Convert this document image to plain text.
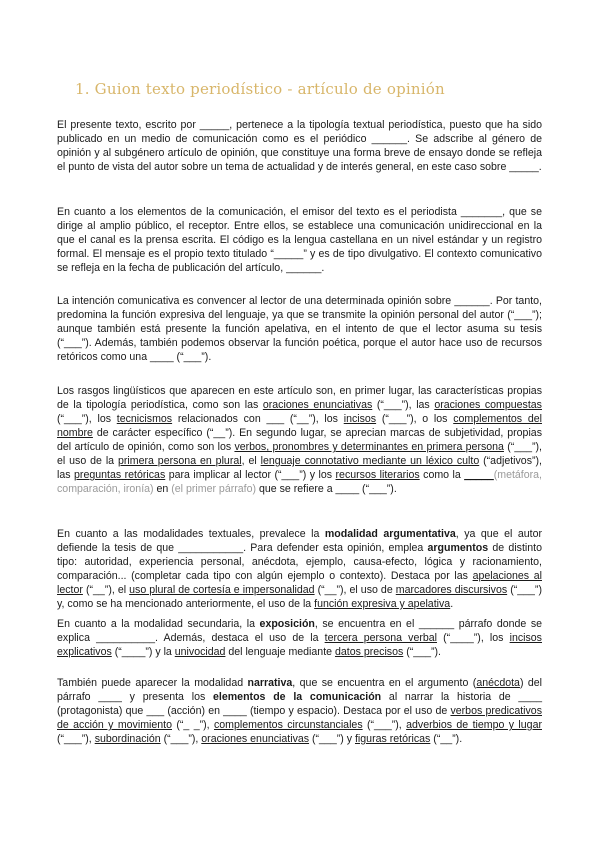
1. Guion texto periodístico - artículo de opinión

El presente texto, escrito por _____, pertenece a la tipología textual periodística, puesto que ha sido publicado en un medio de comunicación como es el periódico ______. Se adscribe al género de opinión y al subgénero artículo de opinión, que constituye una forma breve de ensayo donde se refleja el punto de vista del autor sobre un tema de actualidad y de interés general, en este caso sobre _____.

En cuanto a los elementos de la comunicación, el emisor del texto es el periodista _______, que se dirige al amplio público, el receptor. Entre ellos, se establece una comunicación unidireccional en la que el canal es la prensa escrita. El código es la lengua castellana en un nivel estándar y un registro formal. El mensaje es el propio texto titulado “_____” y es de tipo divulgativo. El contexto comunicativo se refleja en la fecha de publicación del artículo, ______.

La intención comunicativa es convencer al lector de una determinada opinión sobre ______. Por tanto, predomina la función expresiva del lenguaje, ya que se transmite la opinión personal del autor (“___”); aunque también está presente la función apelativa, en el intento de que el lector asuma su tesis (“___”). Además, también podemos observar la función poética, porque el autor hace uso de recursos retóricos como una ____ (“___”).

Los rasgos lingüísticos que aparecen en este artículo son, en primer lugar, las características propias de la tipología periodística, como son las oraciones enunciativas (“___”), las oraciones compuestas (“___”), los tecnicismos relacionados con ___ (“__”), los incisos (“___”), o los complementos del nombre de carácter específico (“__”). En segundo lugar, se aprecian marcas de subjetividad, propias del artículo de opinión, como son los verbos, pronombres y determinantes en primera persona (“___”), el uso de la primera persona en plural, el lenguaje connotativo mediante un léxico culto (“adjetivos”), las preguntas retóricas para implicar al lector (“___”) y los recursos literarios como la _____(metáfora, comparación, ironía) en (el primer párrafo) que se refiere a ____ (“___”).

En cuanto a las modalidades textuales, prevalece la modalidad argumentativa, ya que el autor defiende la tesis de que ___________. Para defender esta opinión, emplea argumentos de distinto tipo: autoridad, experiencia personal, anécdota, ejemplo, causa-efecto, lógica y racionamiento, comparación... (completar cada tipo con algún ejemplo o contexto). Destaca por las apelaciones al lector (“__”), el uso plural de cortesía e impersonalidad (“__”), el uso de marcadores discursivos (“___”) y, como se ha mencionado anteriormente, el uso de la función expresiva y apelativa.

En cuanto a la modalidad secundaria, la exposición, se encuentra en el ______ párrafo donde se explica __________. Además, destaca el uso de la tercera persona verbal (“____”), los incisos explicativos (“____”) y la univocidad del lenguaje mediante datos precisos (“___”).

También puede aparecer la modalidad narrativa, que se encuentra en el argumento (anécdota) del párrafo ____ y presenta los elementos de la comunicación al narrar la historia de ____ (protagonista) que ___ (acción) en ____ (tiempo y espacio). Destaca por el uso de verbos predicativos de acción y movimiento (“_ _”), complementos circunstanciales (“___”), adverbios de tiempo y lugar (“___”), subordinación (“___”), oraciones enunciativas (“___”) y figuras retóricas (“__”).
